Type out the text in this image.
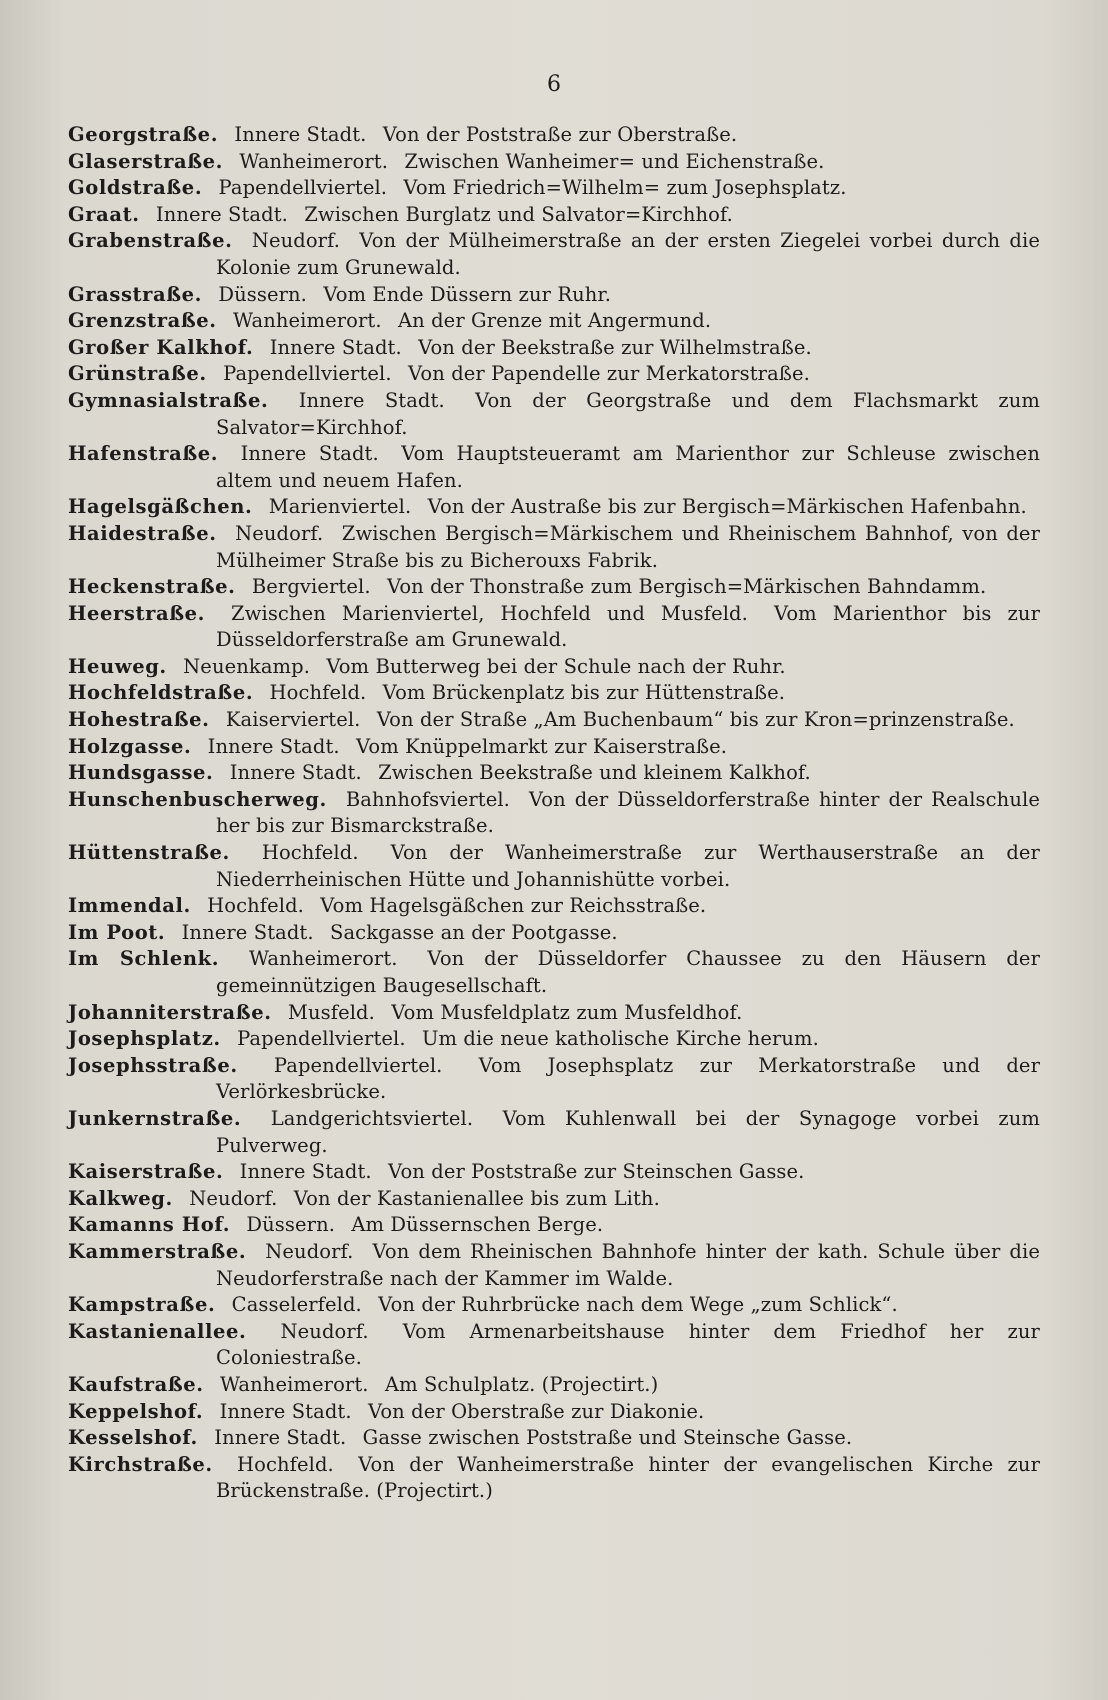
6
Georgstraße. Innere Stadt. Von der Poststraße zur Oberstraße.
Glaserstraße. Wanheimerort. Zwischen Wanheimer= und Eichenstraße.
Goldstraße. Papendellviertel. Vom Friedrich=Wilhelm= zum Josephsplatz.
Graat. Innere Stadt. Zwischen Burglatz und Salvator=Kirchhof.
Grabenstraße. Neudorf. Von der Mülheimerstraße an der ersten Ziegelei vorbei durch die Kolonie zum Grunewald.
Grasstraße. Düssern. Vom Ende Düssern zur Ruhr.
Grenzstraße. Wanheimerort. An der Grenze mit Angermund.
Großer Kalkhof. Innere Stadt. Von der Beekstraße zur Wilhelmstraße.
Grünstraße. Papendellviertel. Von der Papendelle zur Merkatorstraße.
Gymnasialstraße. Innere Stadt. Von der Georgstraße und dem Flachsmarkt zum Salvator=Kirchhof.
Hafenstraße. Innere Stadt. Vom Hauptsteueramt am Marienthor zur Schleuse zwischen altem und neuem Hafen.
Hagelsgäßchen. Marienviertel. Von der Austraße bis zur Bergisch=Märkischen Hafenbahn.
Haidestraße. Neudorf. Zwischen Bergisch=Märkischem und Rheinischem Bahnhof, von der Mülheimer Straße bis zu Bicherouxs Fabrik.
Heckenstraße. Bergviertel. Von der Thonstraße zum Bergisch=Märkischen Bahndamm.
Heerstraße. Zwischen Marienviertel, Hochfeld und Musfeld. Vom Marienthor bis zur Düsseldorferstraße am Grunewald.
Heuweg. Neuenkamp. Vom Butterweg bei der Schule nach der Ruhr.
Hochfeldstraße. Hochfeld. Vom Brückenplatz bis zur Hüttenstraße.
Hohestraße. Kaiserviertel. Von der Straße „Am Buchenbaum“ bis zur Kron=prinzenstraße.
Holzgasse. Innere Stadt. Vom Knüppelmarkt zur Kaiserstraße.
Hundsgasse. Innere Stadt. Zwischen Beekstraße und kleinem Kalkhof.
Hunschenbuscherweg. Bahnhofsviertel. Von der Düsseldorferstraße hinter der Realschule her bis zur Bismarckstraße.
Hüttenstraße. Hochfeld. Von der Wanheimerstraße zur Werthauserstraße an der Niederrheinischen Hütte und Johannishütte vorbei.
Immendal. Hochfeld. Vom Hagelsgäßchen zur Reichsstraße.
Im Poot. Innere Stadt. Sackgasse an der Pootgasse.
Im Schlenk. Wanheimerort. Von der Düsseldorfer Chaussee zu den Häusern der gemeinnützigen Baugesellschaft.
Johanniterstraße. Musfeld. Vom Musfeldplatz zum Musfeldhof.
Josephsplatz. Papendellviertel. Um die neue katholische Kirche herum.
Josephsstraße. Papendellviertel. Vom Josephsplatz zur Merkatorstraße und der Verlörkesbrücke.
Junkernstraße. Landgerichtsviertel. Vom Kuhlenwall bei der Synagoge vorbei zum Pulverweg.
Kaiserstraße. Innere Stadt. Von der Poststraße zur Steinschen Gasse.
Kalkweg. Neudorf. Von der Kastanienallee bis zum Lith.
Kamanns Hof. Düssern. Am Düssernschen Berge.
Kammerstraße. Neudorf. Von dem Rheinischen Bahnhofe hinter der kath. Schule über die Neudorferstraße nach der Kammer im Walde.
Kampstraße. Casselerfeld. Von der Ruhrbrücke nach dem Wege „zum Schlick“.
Kastanienallee. Neudorf. Vom Armenarbeitshause hinter dem Friedhof her zur Coloniestraße.
Kaufstraße. Wanheimerort. Am Schulplatz. (Projectirt.)
Keppelshof. Innere Stadt. Von der Oberstraße zur Diakonie.
Kesselshof. Innere Stadt. Gasse zwischen Poststraße und Steinsche Gasse.
Kirchstraße. Hochfeld. Von der Wanheimerstraße hinter der evangelischen Kirche zur Brückenstraße. (Projectirt.)
